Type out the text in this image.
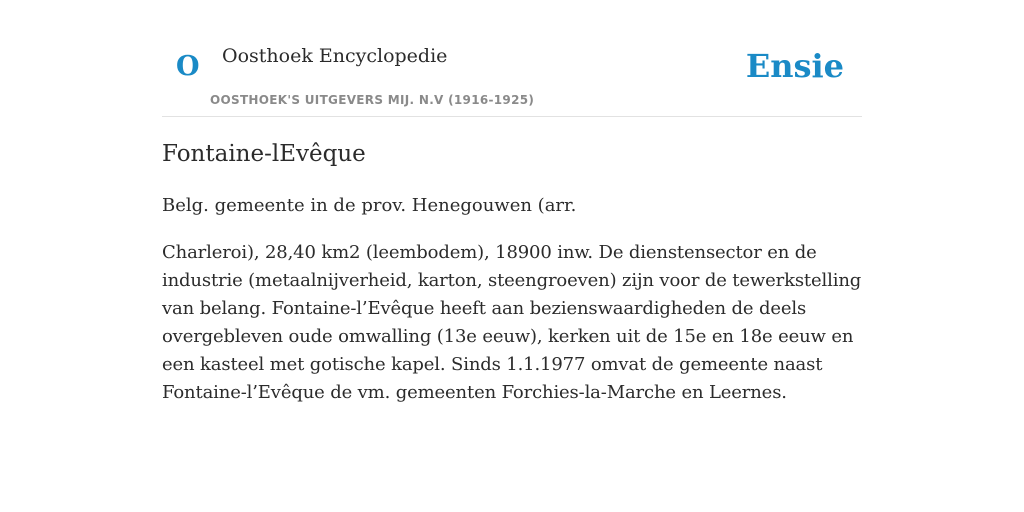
O Oosthoek Encyclopedie
OOSTHOEK'S UITGEVERS MIJ. N.V (1916-1925)
Ensie
Fontaine-lEvêque

Belg. gemeente in de prov. Henegouwen (arr.

Charleroi), 28,40 km2 (leembodem), 18900 inw. De dienstensector en de industrie (metaalnijverheid, karton, steengroeven) zijn voor de tewerkstelling van belang. Fontaine-l’Evêque heeft aan bezienswaardigheden de deels overgebleven oude omwalling (13e eeuw), kerken uit de 15e en 18e eeuw en een kasteel met gotische kapel. Sinds 1.1.1977 omvat de gemeente naast Fontaine-l’Evêque de vm. gemeenten Forchies-la-Marche en Leernes.
